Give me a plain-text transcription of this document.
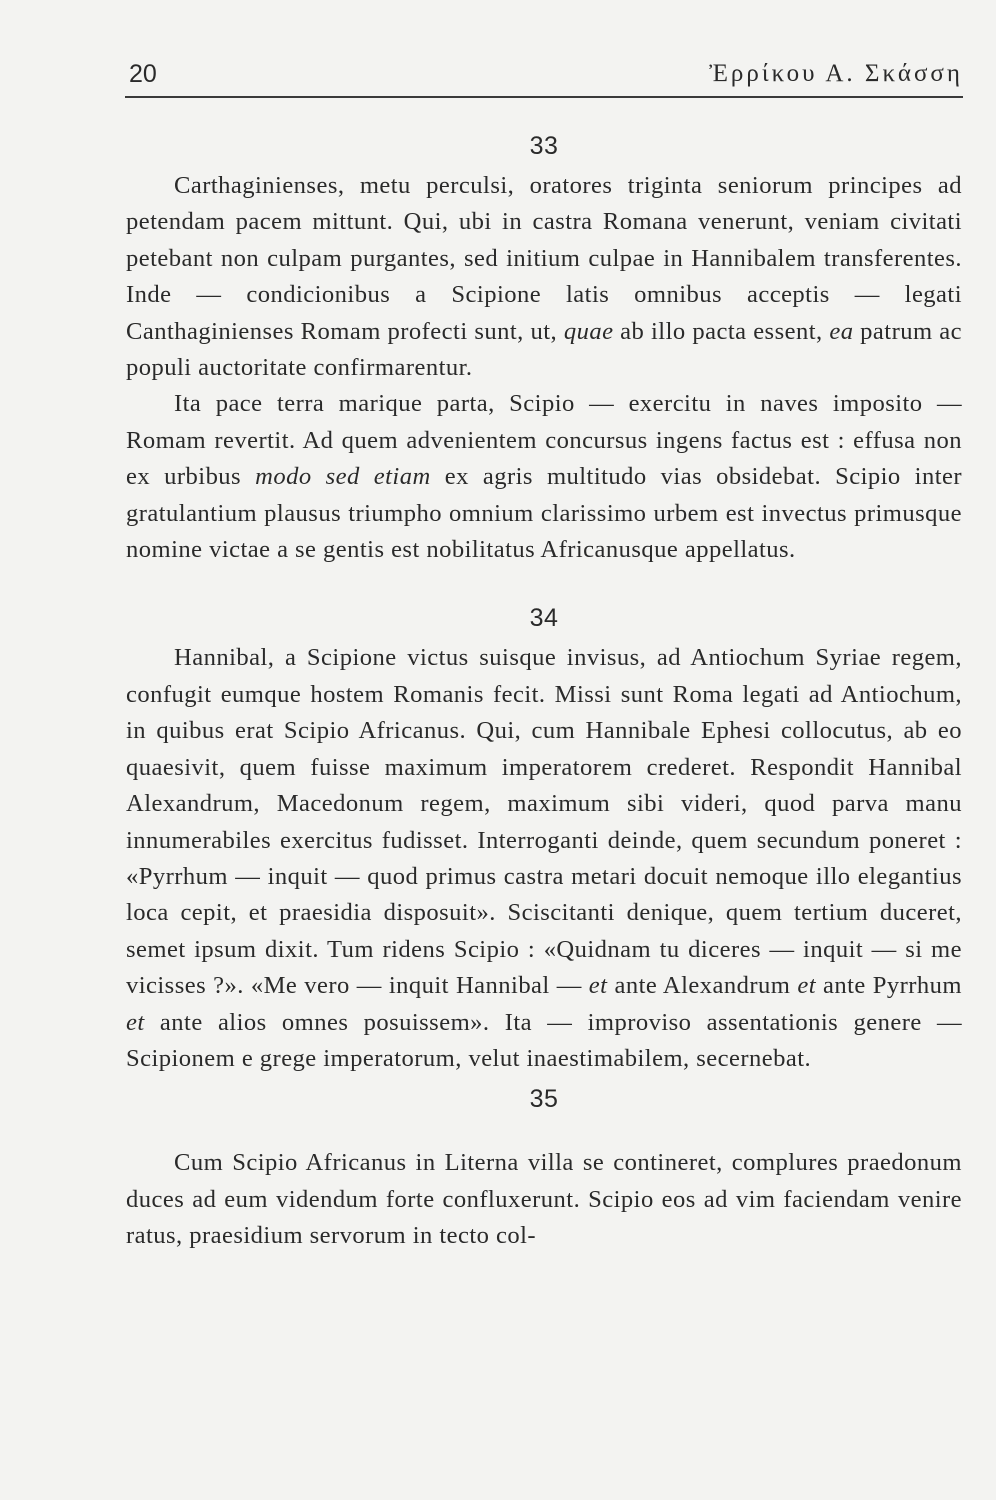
20	Ἐρρίκου Α. Σκάσση
33

Carthaginienses, metu perculsi, oratores triginta seniorum principes ad petendam pacem mittunt. Qui, ubi in castra Romana venerunt, veniam civitati petebant non culpam purgantes, sed initium culpae in Hannibalem transferentes. Inde — condicionibus a Scipione latis omnibus acceptis — legati Canthaginienses Romam profecti sunt, ut, quae ab illo pacta essent, ea patrum ac populi auctoritate confirmarentur.

Ita pace terra marique parta, Scipio — exercitu in naves imposito — Romam revertit. Ad quem advenientem concursus ingens factus est : effusa non ex urbibus modo sed etiam ex agris multitudo vias obsidebat. Scipio inter gratulantium plausus triumpho omnium clarissimo urbem est invectus primusque nomine victae a se gentis est nobilitatus Africanusque appellatus.

34

Hannibal, a Scipione victus suisque invisus, ad Antiochum Syriae regem, confugit eumque hostem Romanis fecit. Missi sunt Roma legati ad Antiochum, in quibus erat Scipio Africanus. Qui, cum Hannibale Ephesi collocutus, ab eo quaesivit, quem fuisse maximum imperatorem crederet. Respondit Hannibal Alexandrum, Macedonum regem, maximum sibi videri, quod parva manu innumerabiles exercitus fudisset. Interroganti deinde, quem secundum poneret : «Pyrrhum — inquit — quod primus castra metari docuit nemoque illo elegantius loca cepit, et praesidia disposuit». Sciscitanti denique, quem tertium duceret, semet ipsum dixit. Tum ridens Scipio : «Quidnam tu diceres — inquit — si me vicisses ?». «Me vero — inquit Hannibal — et ante Alexandrum et ante Pyrrhum et ante alios omnes posuissem». Ita — improviso assentationis genere — Scipionem e grege imperatorum, velut inaestimabilem, secernebat.

35

Cum Scipio Africanus in Literna villa se contineret, complures praedonum duces ad eum videndum forte confluxerunt. Scipio eos ad vim faciendam venire ratus, praesidium servorum in tecto col-
